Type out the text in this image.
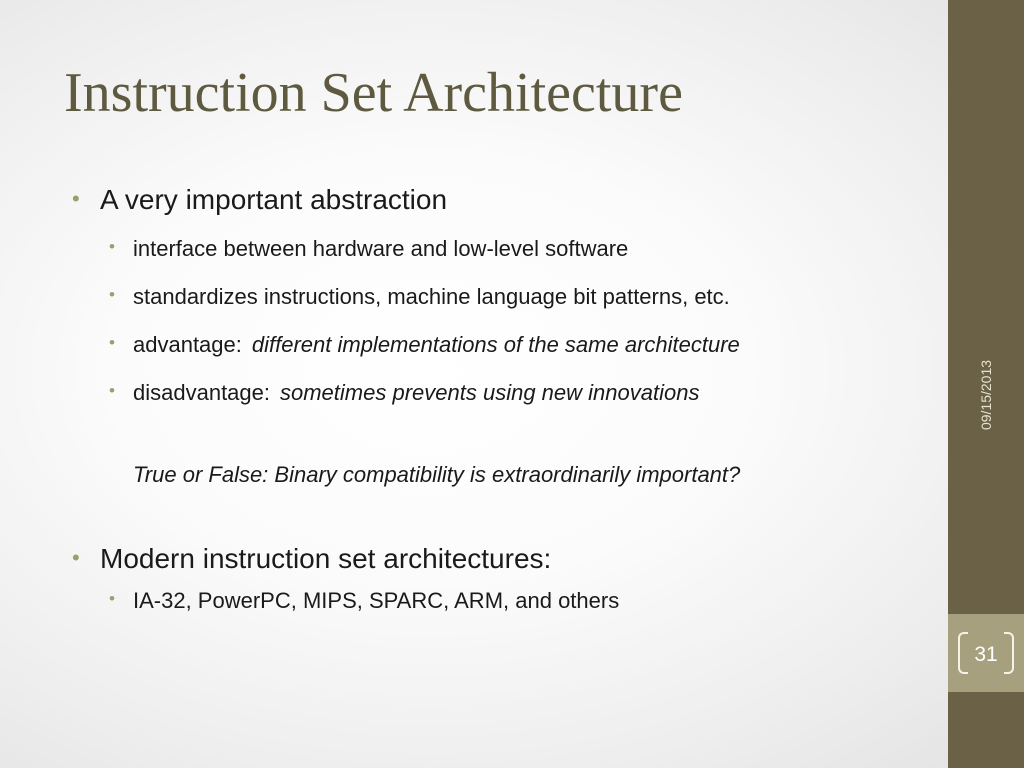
Instruction Set Architecture
• A very important abstraction
• interface between hardware and low-level software
• standardizes instructions, machine language bit patterns, etc.
• advantage: different implementations of the same architecture
• disadvantage: sometimes prevents using new innovations
True or False: Binary compatibility is extraordinarily important?
• Modern instruction set architectures:
• IA-32, PowerPC, MIPS, SPARC, ARM, and others
09/15/2013
31
